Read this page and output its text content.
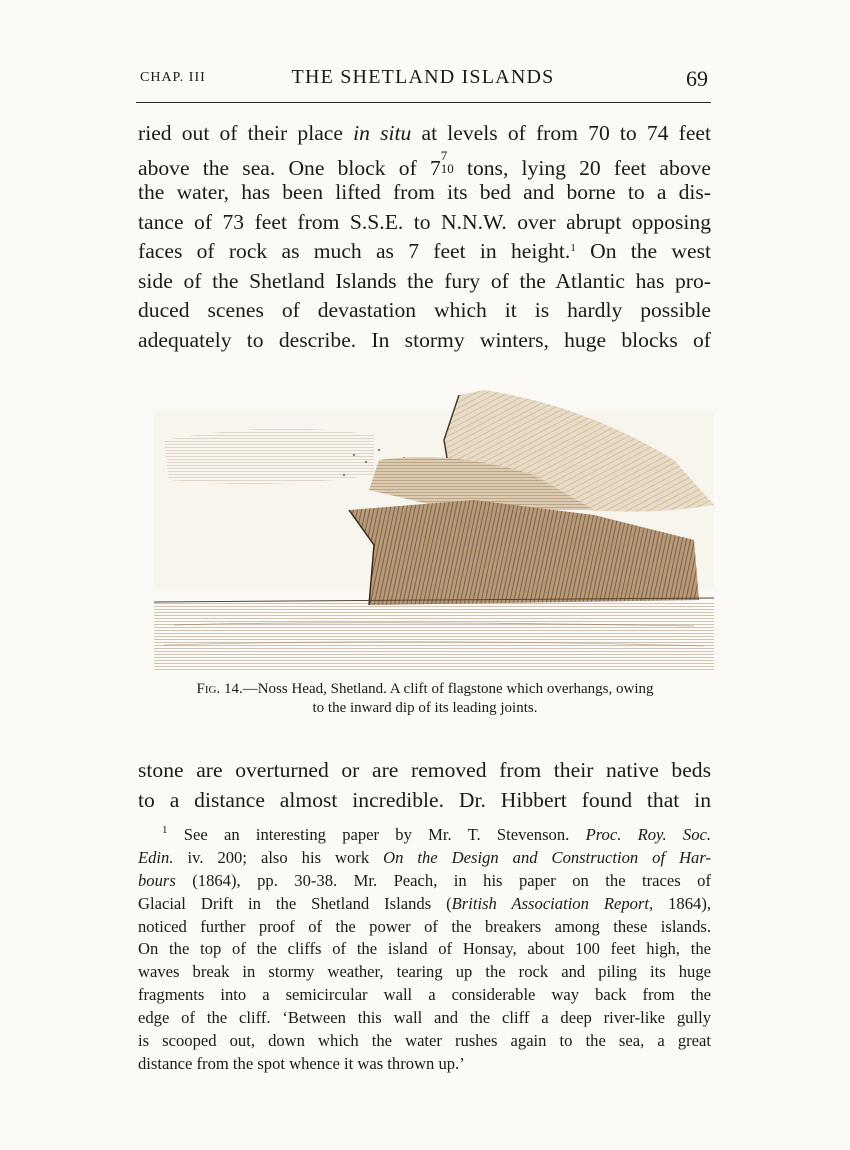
CHAP. III	THE SHETLAND ISLANDS	69
ried out of their place in situ at levels of from 70 to 74 feet
above the sea. One block of 7
7
10 tons, lying 20 feet above
the water, has been lifted from its bed and borne to a dis-
tance of 73 feet from S.S.E. to N.N.W. over abrupt opposing
faces of rock as much as 7 feet in height.$^1$ On the west
side of the Shetland Islands the fury of the Atlantic has pro-
duced scenes of devastation which it is hardly possible
adequately to describe. In stormy winters, huge blocks of
Fig. 14.—Noss Head, Shetland. A clift of flagstone which overhangs, owing
to the inward dip of its leading joints.
stone are overturned or are removed from their native beds
to a distance almost incredible. Dr. Hibbert found that in
$^1$ See an interesting paper by Mr. T. Stevenson. Proc. Roy. Soc.
Edin. iv. 200; also his work On the Design and Construction of Har-
bours (1864), pp. 30-38. Mr. Peach, in his paper on the traces of
Glacial Drift in the Shetland Islands (British Association Report, 1864),
noticed further proof of the power of the breakers among these islands.
On the top of the cliffs of the island of Honsay, about 100 feet high, the
waves break in stormy weather, tearing up the rock and piling its huge
fragments into a semicircular wall a considerable way back from the
edge of the cliff. ‘Between this wall and the cliff a deep river-like gully
is scooped out, down which the water rushes again to the sea, a great
distance from the spot whence it was thrown up.’
